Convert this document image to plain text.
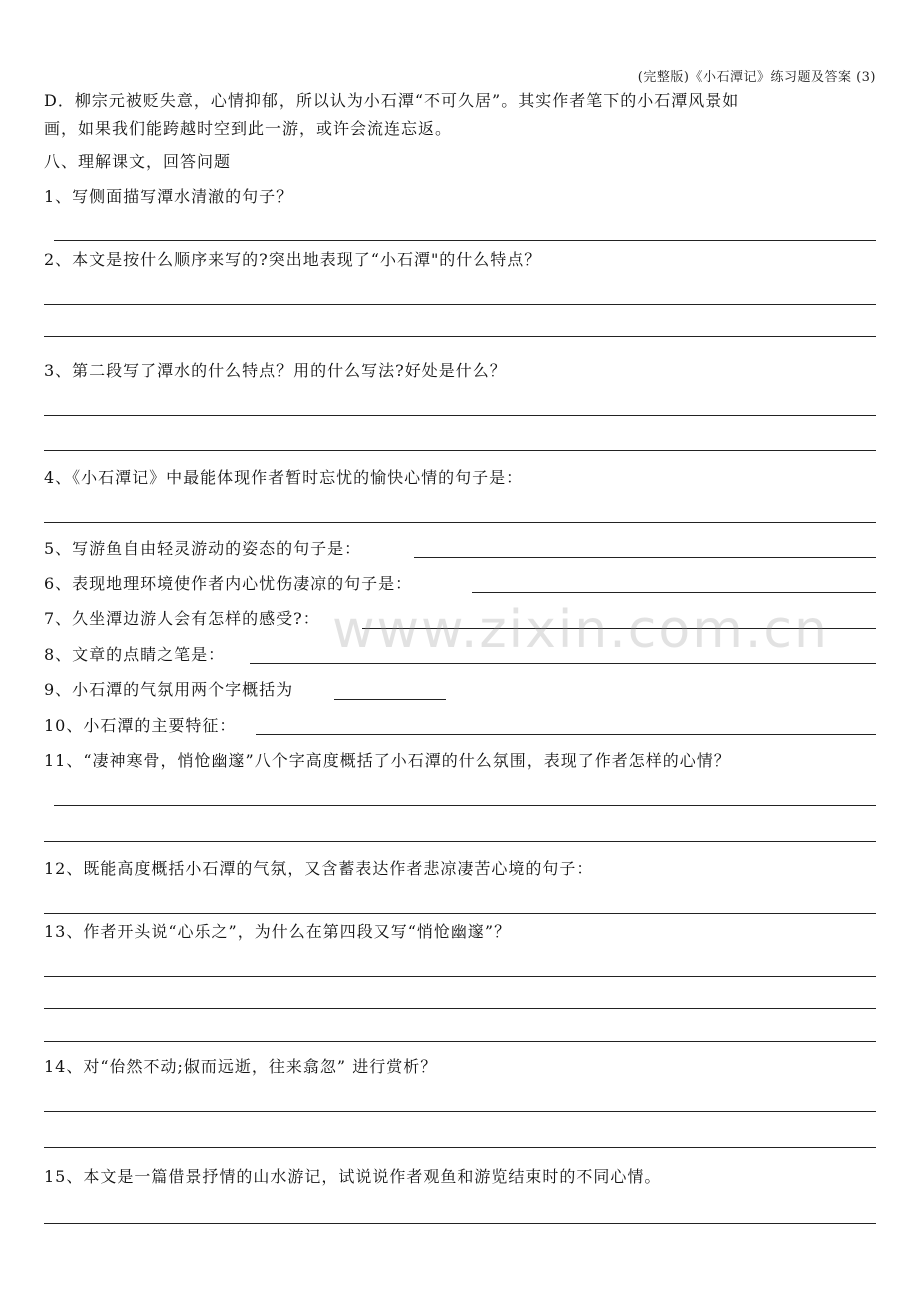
(完整版)《小石潭记》练习题及答案 (3)
D．柳宗元被贬失意，心情抑郁，所以认为小石潭“不可久居”。其实作者笔下的小石潭风景如
画，如果我们能跨越时空到此一游，或许会流连忘返。
八、理解课文，回答问题
1、写侧面描写潭水清澈的句子？
2、本文是按什么顺序来写的?突出地表现了“小石潭"的什么特点？
3、第二段写了潭水的什么特点？用的什么写法?好处是什么？
4、《小石潭记》中最能体现作者暂时忘忧的愉快心情的句子是：
5、写游鱼自由轻灵游动的姿态的句子是：
6、表现地理环境使作者内心忧伤凄凉的句子是：
7、久坐潭边游人会有怎样的感受?：
8、文章的点睛之笔是：
9、小石潭的气氛用两个字概括为
10、小石潭的主要特征：
11、“凄神寒骨，悄怆幽邃”八个字高度概括了小石潭的什么氛围，表现了作者怎样的心情？
12、既能高度概括小石潭的气氛，又含蓄表达作者悲凉凄苦心境的句子：
13、作者开头说“心乐之”，为什么在第四段又写“悄怆幽邃”？
14、对“佁然不动;俶而远逝，往来翕忽” 进行赏析？
15、本文是一篇借景抒情的山水游记，试说说作者观鱼和游览结束时的不同心情。
www.zixin.com.cn
